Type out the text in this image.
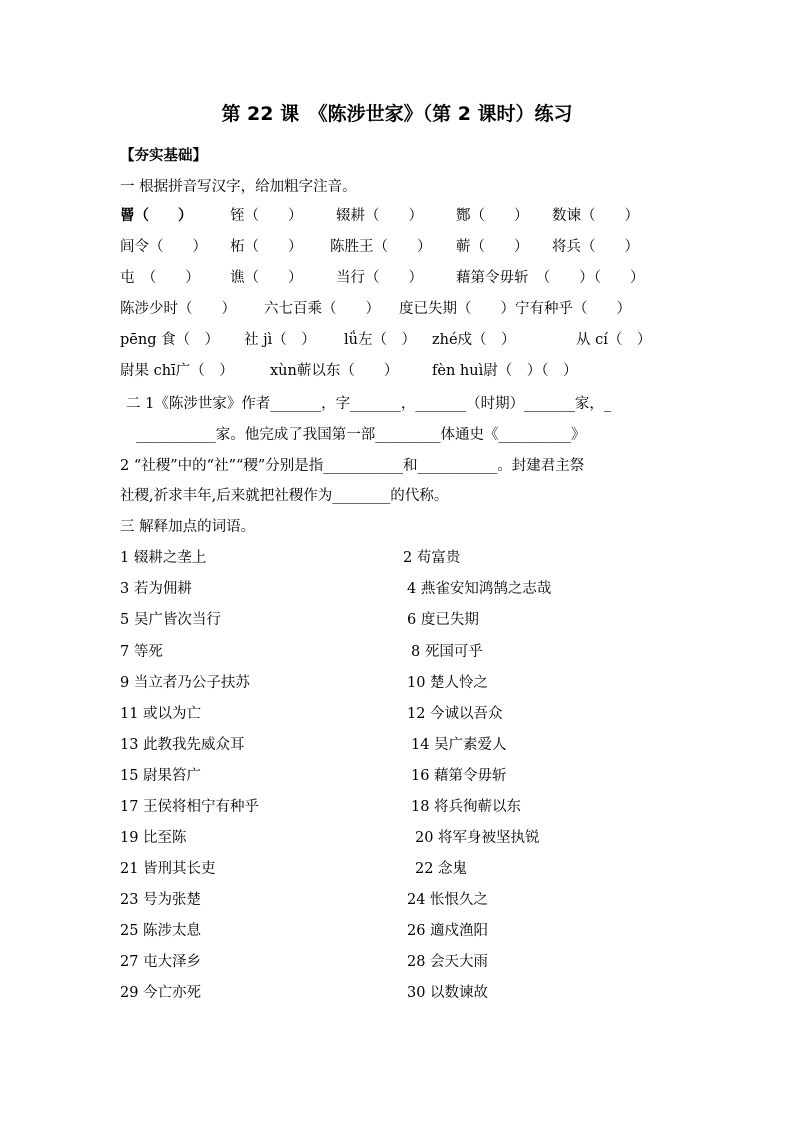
第 22 课　《陈涉世家》（第 2 课时）练习
【夯实基础】
一 根据拼音写汉字，给加粗字注音。
罾（　　）	铚（　　） 辍耕（　　） 酂（　　） 数谏（　　）
闾令（　　） 柘（　　） 陈胜王（　　） 蕲（　　） 将兵（　　）
屯　（　　） 谯（　　） 当行（　　） 藉第令毋斩　（　　）（　　）
陈涉少时（　　） 六七百乘（　　） 度已失期（　　）宁有种乎（　　）
pēng 食（　） 社 jì（　） lǘ左（　） zhé戍（　）	从 cí（　）
尉果 chī广（　）	xùn蕲以东（　　） fèn huì尉（　）（　）
二 1《陈涉世家》作者_______，字_______，_______（时期）_______家，_
___________家。他完成了我国第一部_________体通史《__________》
2 “社稷”中的“社”“稷”分别是指___________和___________。封建君主祭
社稷,祈求丰年,后来就把社稷作为________的代称。
三 解释加点的词语。
1 辍耕之垄上	2 苟富贵
3 若为佣耕	4 燕雀安知鸿鹄之志哉
5 吴广皆次当行	6 度已失期
7 等死	8 死国可乎
9 当立者乃公子扶苏	10 楚人怜之
11 或以为亡	12 今诚以吾众
13 此教我先威众耳	14 吴广素爱人
15 尉果笞广	16 藉第令毋斩
17 王侯将相宁有种乎	18 将兵徇蕲以东
19 比至陈	20 将军身被坚执锐
21 皆刑其长吏	22 念鬼
23 号为张楚	24 怅恨久之
25 陈涉太息	26 適戍渔阳
27 屯大泽乡	28 会天大雨
29 今亡亦死	30 以数谏故
